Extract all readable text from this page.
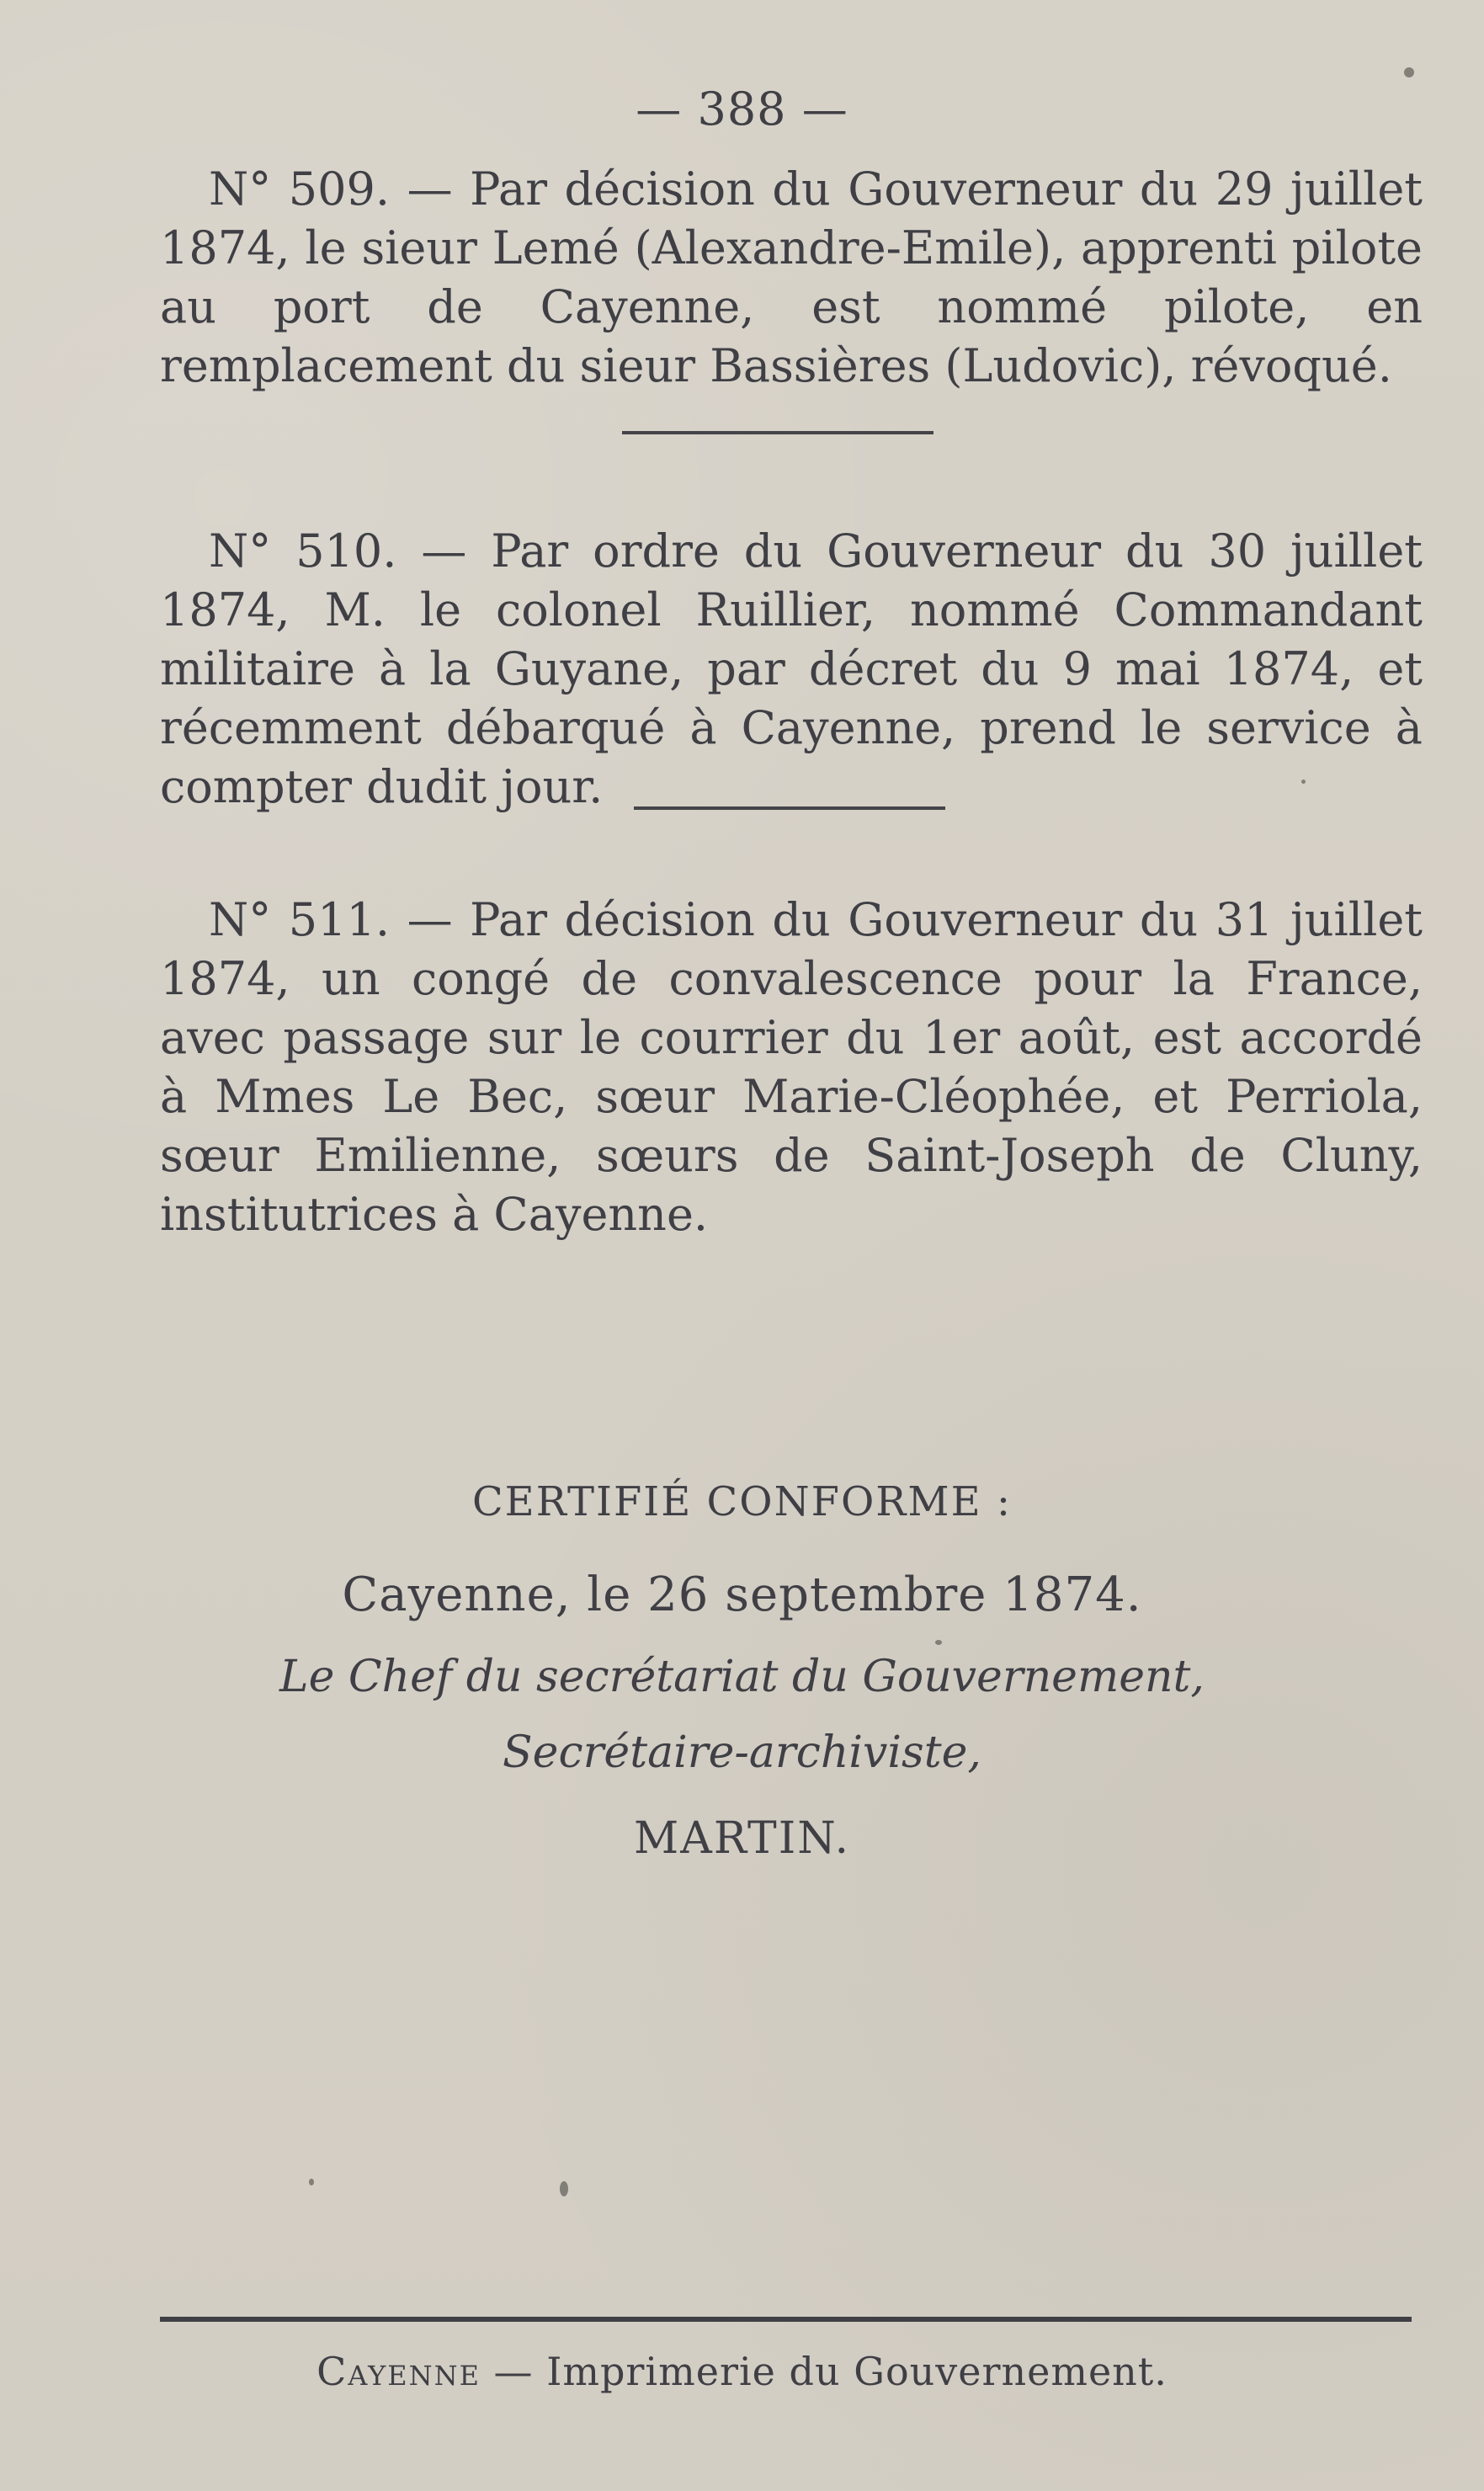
— 388 —

N° 509. — Par décision du Gouverneur du 29 juillet 1874, le sieur Lemé (Alexandre-Emile), apprenti pilote au port de Cayenne, est nommé pilote, en remplacement du sieur Bassières (Ludovic), révoqué.

N° 510. — Par ordre du Gouverneur du 30 juillet 1874, M. le colonel Ruillier, nommé Commandant militaire à la Guyane, par décret du 9 mai 1874, et récemment débarqué à Cayenne, prend le service à compter dudit jour.

N° 511. — Par décision du Gouverneur du 31 juillet 1874, un congé de convalescence pour la France, avec passage sur le courrier du 1er août, est accordé à Mmes Le Bec, sœur Marie-Cléophée, et Perriola, sœur Emilienne, sœurs de Saint-Joseph de Cluny, institutrices à Cayenne.

CERTIFIÉ CONFORME :
Cayenne, le 26 septembre 1874.
Le Chef du secrétariat du Gouvernement,
Secrétaire-archiviste,
MARTIN.
Cayenne — Imprimerie du Gouvernement.
